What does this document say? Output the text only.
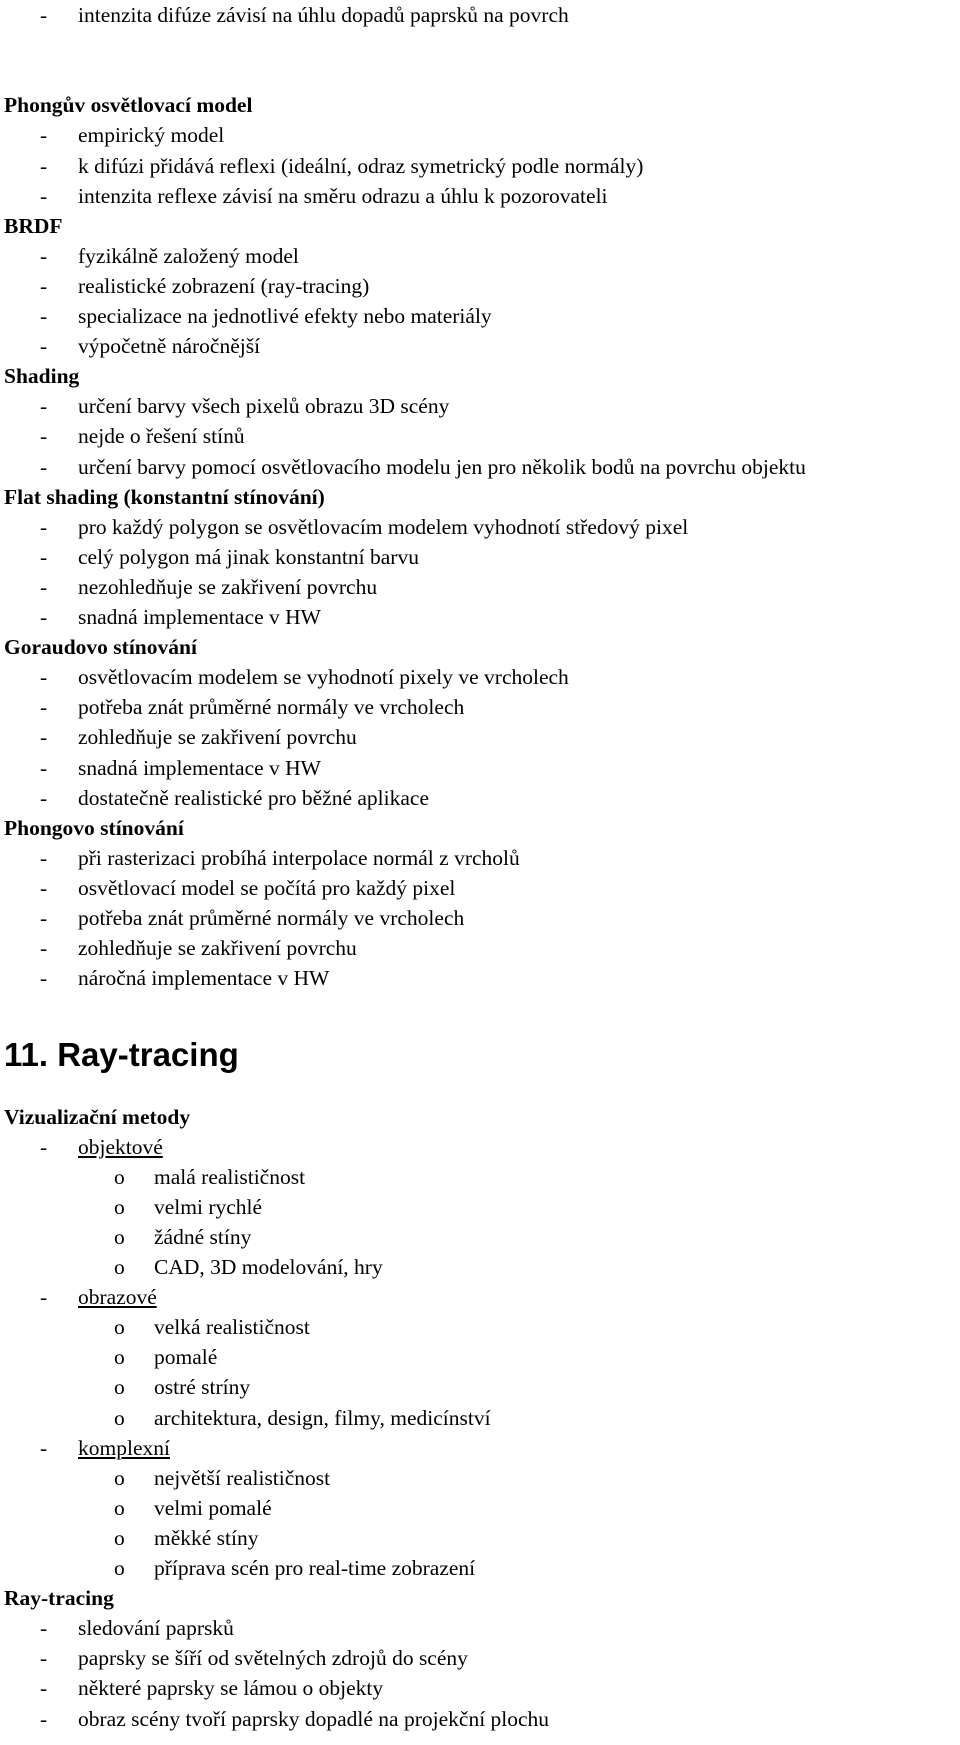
- intenzita difúze závisí na úhlu dopadů paprsků na povrch
Phongův osvětlovací model
- empirický model
- k difúzi přidává reflexi (ideální, odraz symetrický podle normály)
- intenzita reflexe závisí na směru odrazu a úhlu k pozorovateli
BRDF
- fyzikálně založený model
- realistické zobrazení (ray-tracing)
- specializace na jednotlivé efekty nebo materiály
- výpočetně náročnější
Shading
- určení barvy všech pixelů obrazu 3D scény
- nejde o řešení stínů
- určení barvy pomocí osvětlovacího modelu jen pro několik bodů na povrchu objektu
Flat shading (konstantní stínování)
- pro každý polygon se osvětlovacím modelem vyhodnotí středový pixel
- celý polygon má jinak konstantní barvu
- nezohledňuje se zakřivení povrchu
- snadná implementace v HW
Goraudovo stínování
- osvětlovacím modelem se vyhodnotí pixely ve vrcholech
- potřeba znát průměrné normály ve vrcholech
- zohledňuje se zakřivení povrchu
- snadná implementace v HW
- dostatečně realistické pro běžné aplikace
Phongovo stínování
- při rasterizaci probíhá interpolace normál z vrcholů
- osvětlovací model se počítá pro každý pixel
- potřeba znát průměrné normály ve vrcholech
- zohledňuje se zakřivení povrchu
- náročná implementace v HW
11. Ray-tracing
Vizualizační metody
- objektové
o malá realističnost
o velmi rychlé
o žádné stíny
o CAD, 3D modelování, hry
- obrazové
o velká realističnost
o pomalé
o ostré stríny
o architektura, design, filmy, medicínství
- komplexní
o největší realističnost
o velmi pomalé
o měkké stíny
o příprava scén pro real-time zobrazení
Ray-tracing
- sledování paprsků
- paprsky se šíří od světelných zdrojů do scény
- některé paprsky se lámou o objekty
- obraz scény tvoří paprsky dopadlé na projekční plochu
